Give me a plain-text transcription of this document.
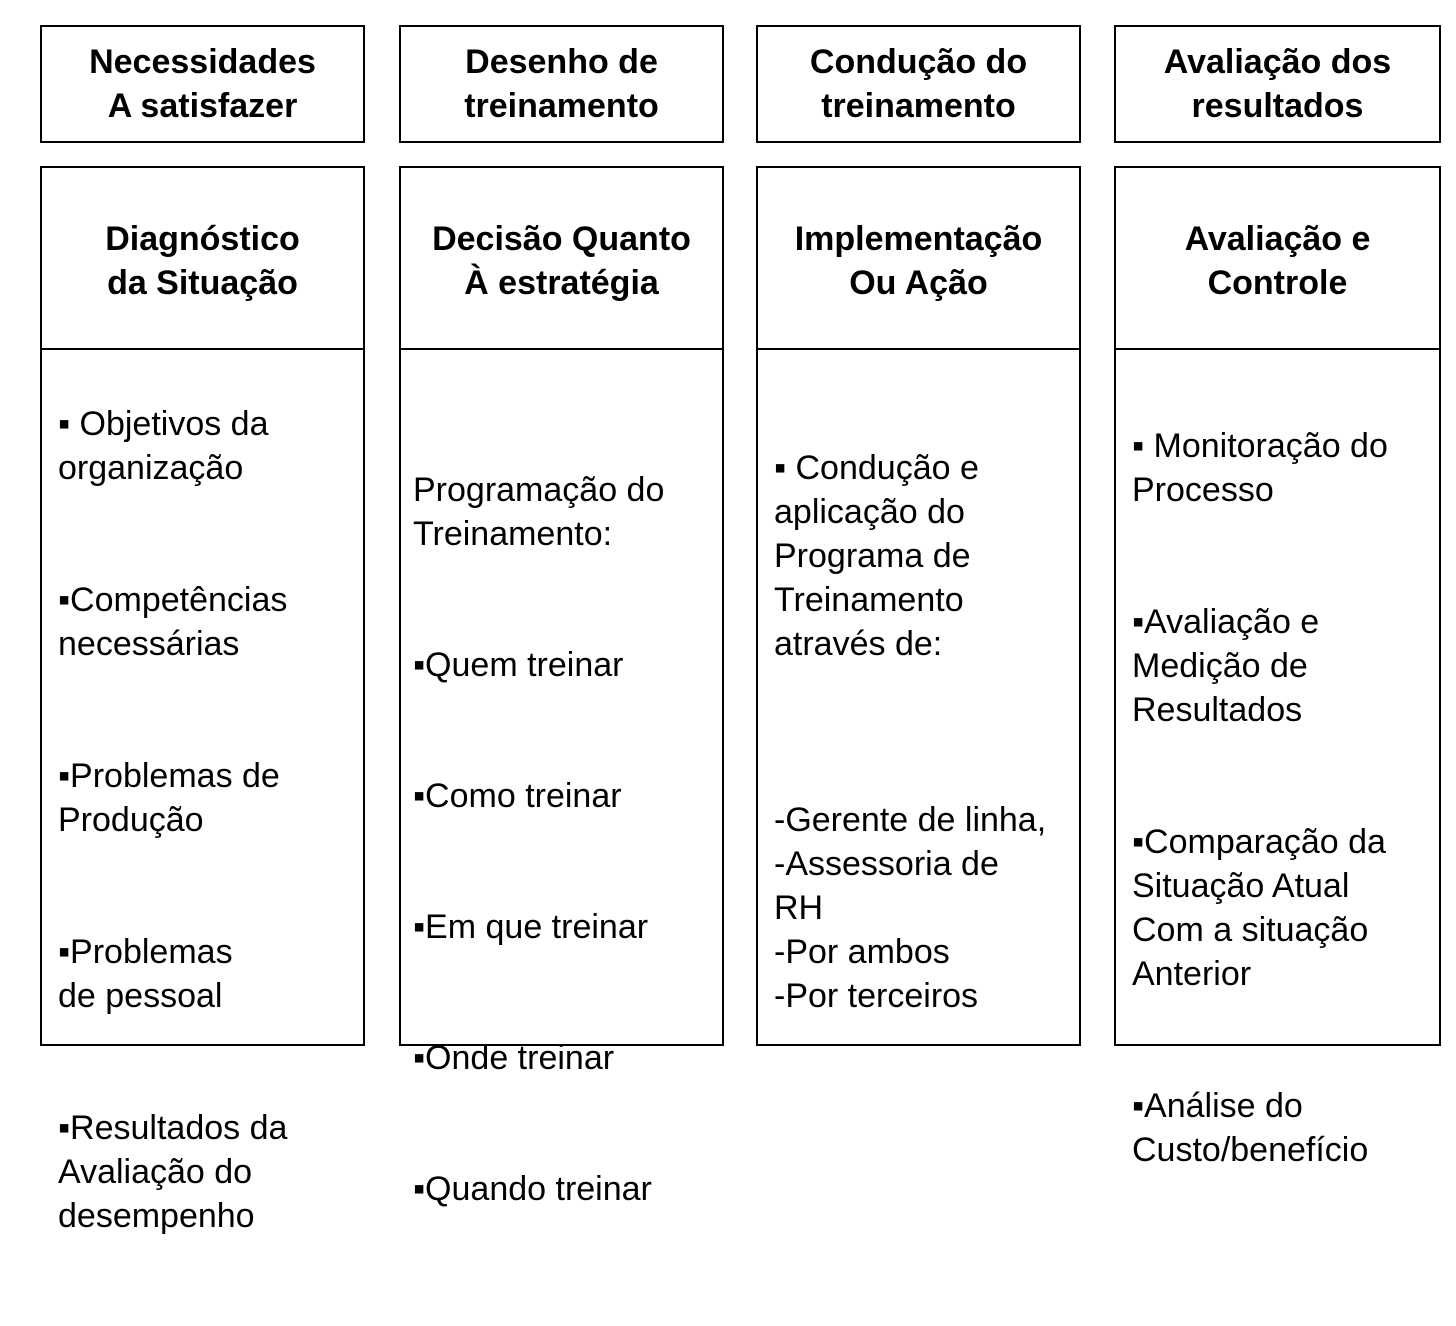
Necessidades
A satisfazer
Diagnóstico
da Situação

▪ Objetivos da
organização

▪Competências
necessárias

▪Problemas de
Produção

▪Problemas
de pessoal

▪Resultados da
Avaliação do
desempenho

Desenho de
treinamento
Decisão Quanto
À estratégia

Programação do
Treinamento:

▪Quem treinar

▪Como treinar

▪Em que treinar

▪Onde treinar

▪Quando treinar

Condução do
treinamento
Implementação
Ou Ação

▪ Condução e
aplicação do
Programa de
Treinamento
através de:

-Gerente de linha,
-Assessoria de
RH
-Por ambos
-Por terceiros

Avaliação dos
resultados
Avaliação e
Controle

▪ Monitoração do
Processo

▪Avaliação e
Medição de
Resultados

▪Comparação da
Situação Atual
Com a situação
Anterior

▪Análise do
Custo/benefício
